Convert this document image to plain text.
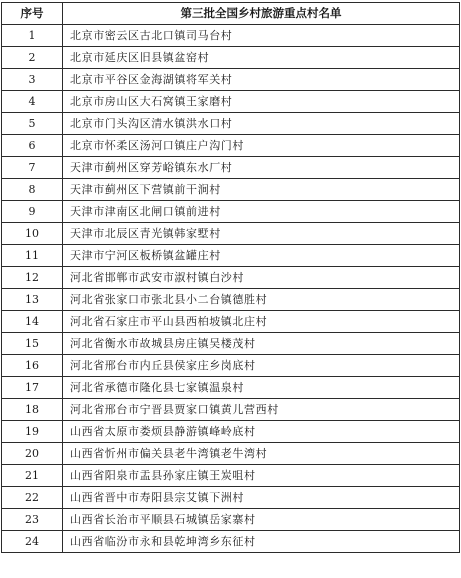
序号	第三批全国乡村旅游重点村名单
1	北京市密云区古北口镇司马台村
2	北京市延庆区旧县镇盆窑村
3	北京市平谷区金海湖镇将军关村
4	北京市房山区大石窝镇王家磨村
5	北京市门头沟区清水镇洪水口村
6	北京市怀柔区汤河口镇庄户沟门村
7	天津市蓟州区穿芳峪镇东水厂村
8	天津市蓟州区下营镇前干涧村
9	天津市津南区北闸口镇前进村
10	天津市北辰区青光镇韩家墅村
11	天津市宁河区板桥镇盆罐庄村
12	河北省邯郸市武安市淑村镇白沙村
13	河北省张家口市张北县小二台镇德胜村
14	河北省石家庄市平山县西柏坡镇北庄村
15	河北省衡水市故城县房庄镇吴楼茂村
16	河北省邢台市内丘县侯家庄乡岗底村
17	河北省承德市隆化县七家镇温泉村
18	河北省邢台市宁晋县贾家口镇黄儿营西村
19	山西省太原市娄烦县静游镇峰岭底村
20	山西省忻州市偏关县老牛湾镇老牛湾村
21	山西省阳泉市盂县孙家庄镇王炭咀村
22	山西省晋中市寿阳县宗艾镇下洲村
23	山西省长治市平顺县石城镇岳家寨村
24	山西省临汾市永和县乾坤湾乡东征村
